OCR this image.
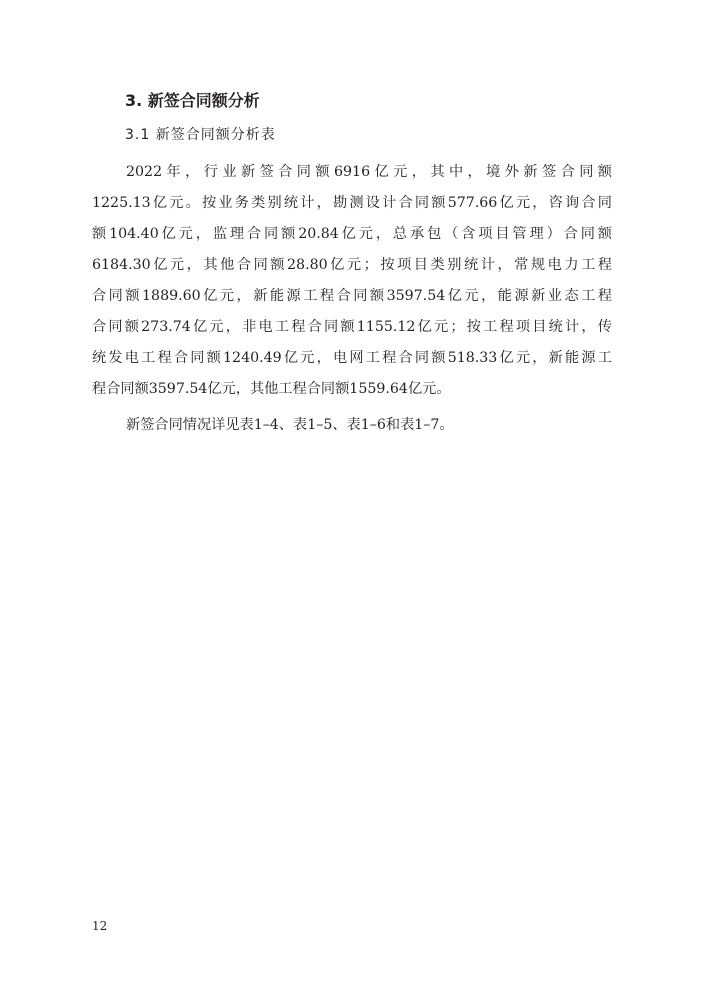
3. 新签合同额分析
3.1 新签合同额分析表
2022年，行业新签合同额6916亿元，其中，境外新签合同额
1225.13亿元。按业务类别统计，勘测设计合同额577.66亿元，咨询合同
额104.40亿元，监理合同额20.84亿元，总承包（含项目管理）合同额
6184.30亿元，其他合同额28.80亿元；按项目类别统计，常规电力工程
合同额1889.60亿元，新能源工程合同额3597.54亿元，能源新业态工程
合同额273.74亿元，非电工程合同额1155.12亿元；按工程项目统计，传
统发电工程合同额1240.49亿元，电网工程合同额518.33亿元，新能源工
程合同额3597.54亿元，其他工程合同额1559.64亿元。
新签合同情况详见表1–4、表1–5、表1–6和表1–7。
12
